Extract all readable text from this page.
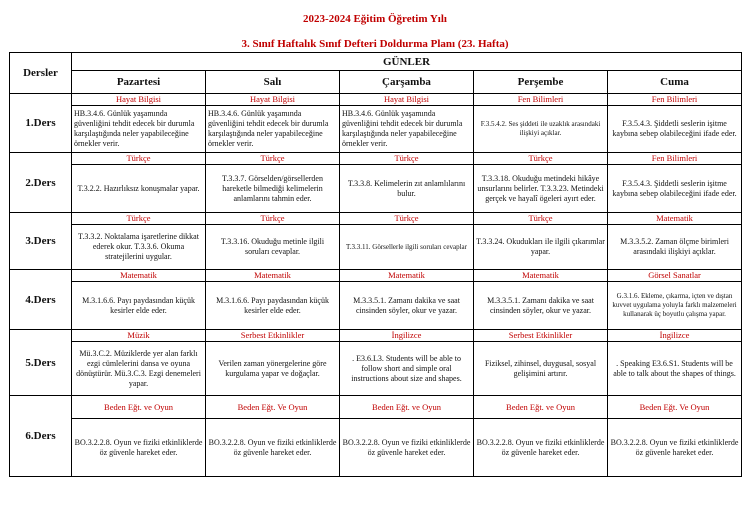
2023-2024 Eğitim Öğretim Yılı
3. Sınıf Haftalık Sınıf Defteri Doldurma Planı (23. Hafta)
Dersler	GÜNLER				
	Pazartesi	Salı	Çarşamba	Perşembe	Cuma
1.Ders	Hayat Bilgisi	Hayat Bilgisi	Hayat Bilgisi	Fen Bilimleri	Fen Bilimleri
	HB.3.4.6. Günlük yaşamında güvenliğini tehdit edecek bir durumla karşılaştığında neler yapabileceğine örnekler verir.	HB.3.4.6. Günlük yaşamında güvenliğini tehdit edecek bir durumla karşılaştığında neler yapabileceğine örnekler verir.	HB.3.4.6. Günlük yaşamında güvenliğini tehdit edecek bir durumla karşılaştığında neler yapabileceğine örnekler verir.	F.3.5.4.2. Ses şiddeti ile uzaklık arasındaki ilişkiyi açıklar.	F.3.5.4.3. Şiddetli seslerin işitme kaybına sebep olabileceğini ifade eder.
2.Ders	Türkçe	Türkçe	Türkçe	Türkçe	Fen Bilimleri
	T.3.2.2. Hazırlıksız konuşmalar yapar.	T.3.3.7. Görselden/görsellerden hareketle bilmediği kelimelerin anlamlarını tahmin eder.	T.3.3.8. Kelimelerin zıt anlamlılarını bulur.	T.3.3.18. Okuduğu metindeki hikâye unsurlarını belirler. T.3.3.23. Metindeki gerçek ve hayalî ögeleri ayırt eder.	F.3.5.4.3. Şiddetli seslerin işitme kaybına sebep olabileceğini ifade eder.
3.Ders	Türkçe	Türkçe	Türkçe	Türkçe	Matematik
	T.3.3.2. Noktalama işaretlerine dikkat ederek okur. T.3.3.6. Okuma stratejilerini uygular.	T.3.3.16. Okuduğu metinle ilgili soruları cevaplar.	T.3.3.11. Görsellerle ilgili soruları cevaplar	T.3.3.24. Okudukları ile ilgili çıkarımlar yapar.	M.3.3.5.2. Zaman ölçme birimleri arasındaki ilişkiyi açıklar.
4.Ders	Matematik	Matematik	Matematik	Matematik	Görsel Sanatlar
	M.3.1.6.6. Payı paydasından küçük kesirler elde eder.	M.3.1.6.6. Payı paydasından küçük kesirler elde eder.	M.3.3.5.1. Zamanı dakika ve saat cinsinden söyler, okur ve yazar.	M.3.3.5.1. Zamanı dakika ve saat cinsinden söyler, okur ve yazar.	G.3.1.6. Ekleme, çıkarma, içten ve dıştan kuvvet uygulama yoluyla farklı malzemeleri kullanarak üç boyutlu çalışma yapar.
5.Ders	Müzik	Serbest Etkinlikler	İngilizce	Serbest Etkinlikler	İngilizce
	Mü.3.C.2. Müziklerde yer alan farklı ezgi cümlelerini dansa ve oyuna dönüştürür. Mü.3.C.3. Ezgi denemeleri yapar.	Verilen zaman yönergelerine göre kurgulama yapar ve doğaçlar.	. E3.6.L3. Students will be able to follow short and simple oral instructions about size and shapes.	Fiziksel, zihinsel, duygusal, sosyal gelişimini artırır.	. Speaking E3.6.S1. Students will be able to talk about the shapes of things.
6.Ders	Beden Eğt. ve Oyun	Beden Eğt. Ve Oyun	Beden Eğt. ve Oyun	Beden Eğt. ve Oyun	Beden Eğt. Ve Oyun
	BO.3.2.2.8. Oyun ve fiziki etkinliklerde öz güvenle hareket eder.	BO.3.2.2.8. Oyun ve fiziki etkinliklerde öz güvenle hareket eder.	BO.3.2.2.8. Oyun ve fiziki etkinliklerde öz güvenle hareket eder.	BO.3.2.2.8. Oyun ve fiziki etkinliklerde öz güvenle hareket eder.	BO.3.2.2.8. Oyun ve fiziki etkinliklerde öz güvenle hareket eder.
